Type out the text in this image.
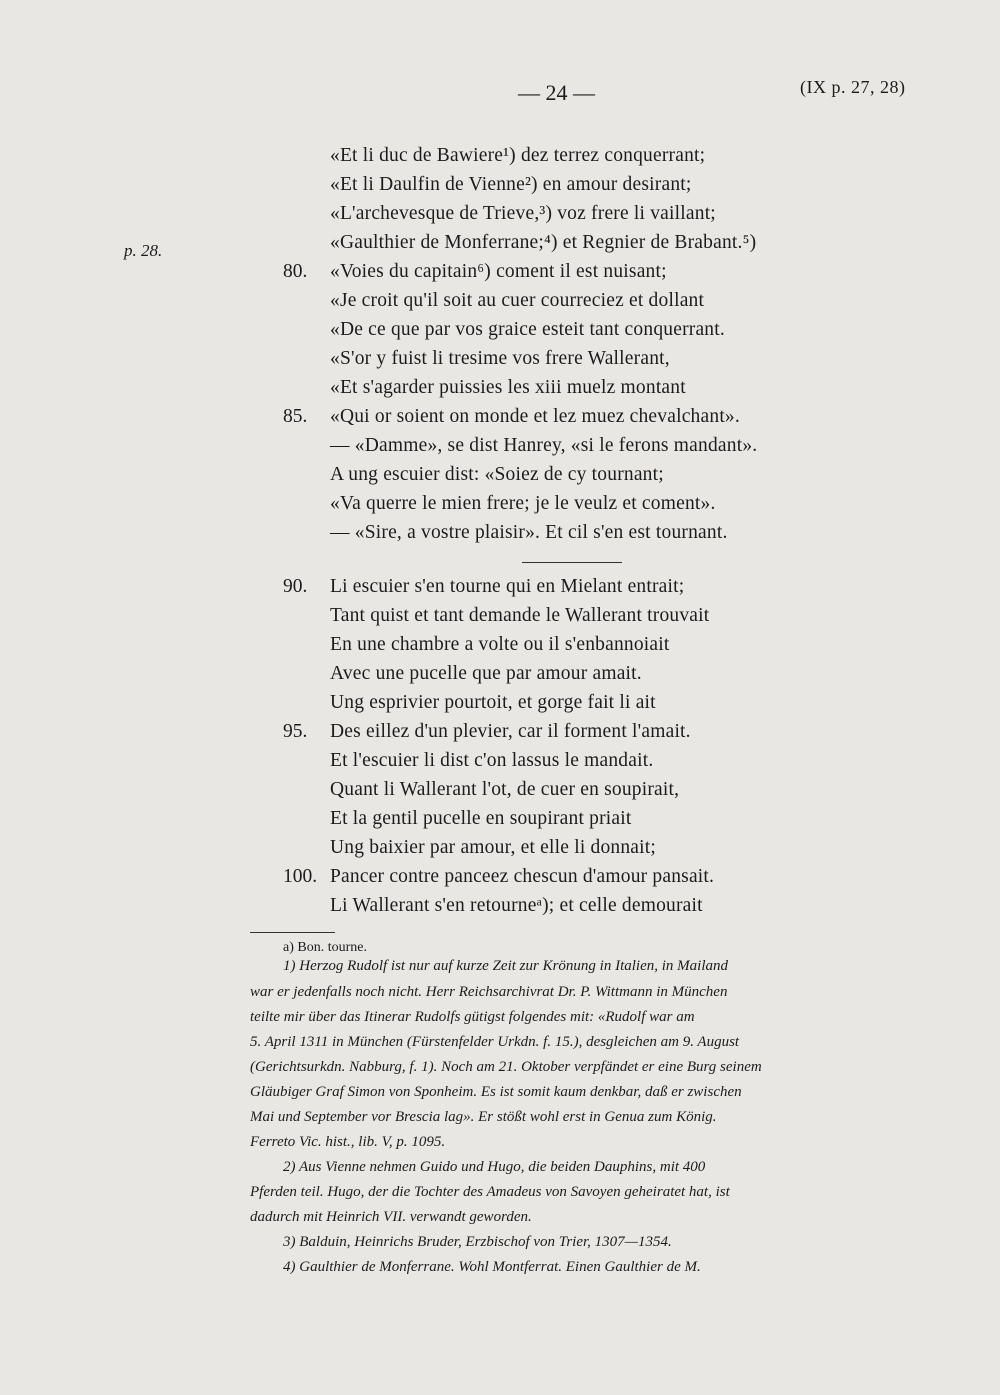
— 24 —	(IX p. 27, 28)
p. 28.
«Et li duc de Bawiere¹) dez terrez conquerrant;
«Et li Daulfin de Vienne²) en amour desirant;
«L'archevesque de Trieve,³) voz frere li vaillant;
«Gaulthier de Monferrane;⁴) et Regnier de Brabant.⁵)
«Voies du capitain⁶) coment il est nuisant;
80.
«Je croit qu'il soit au cuer courreciez et dollant
«De ce que par vos graice esteit tant conquerrant.
«S'or y fuist li tresime vos frere Wallerant,
«Et s'agarder puissies les xiii muelz montant
«Qui or soient on monde et lez muez chevalchant».
85.
— «Damme», se dist Hanrey, «si le ferons mandant».
A ung escuier dist: «Soiez de cy tournant;
«Va querre le mien frere; je le veulz et coment».
— «Sire, a vostre plaisir». Et cil s'en est tournant.
Li escuier s'en tourne qui en Mielant entrait;
90.
Tant quist et tant demande le Wallerant trouvait
En une chambre a volte ou il s'enbannoiait
Avec une pucelle que par amour amait.
Ung esprivier pourtoit, et gorge fait li ait
Des eillez d'un plevier, car il forment l'amait.
95.
Et l'escuier li dist c'on lassus le mandait.
Quant li Wallerant l'ot, de cuer en soupirait,
Et la gentil pucelle en soupirant priait
Ung baixier par amour, et elle li donnait;
Pancer contre panceez chescun d'amour pansait.
100.
Li Wallerant s'en retourneᵃ); et celle demourait
a) Bon. tourne.
1) Herzog Rudolf ist nur auf kurze Zeit zur Krönung in Italien, in Mailand
war er jedenfalls noch nicht. Herr Reichsarchivrat Dr. P. Wittmann in München
teilte mir über das Itinerar Rudolfs gütigst folgendes mit: «Rudolf war am
5. April 1311 in München (Fürstenfelder Urkdn. f. 15.), desgleichen am 9. August
(Gerichtsurkdn. Nabburg, f. 1). Noch am 21. Oktober verpfändet er eine Burg seinem
Gläubiger Graf Simon von Sponheim. Es ist somit kaum denkbar, daß er zwischen
Mai und September vor Brescia lag». Er stößt wohl erst in Genua zum König.
Ferreto Vic. hist., lib. V, p. 1095.
2) Aus Vienne nehmen Guido und Hugo, die beiden Dauphins, mit 400
Pferden teil. Hugo, der die Tochter des Amadeus von Savoyen geheiratet hat, ist
dadurch mit Heinrich VII. verwandt geworden.
3) Balduin, Heinrichs Bruder, Erzbischof von Trier, 1307—1354.
4) Gaulthier de Monferrane. Wohl Montferrat. Einen Gaulthier de M.
